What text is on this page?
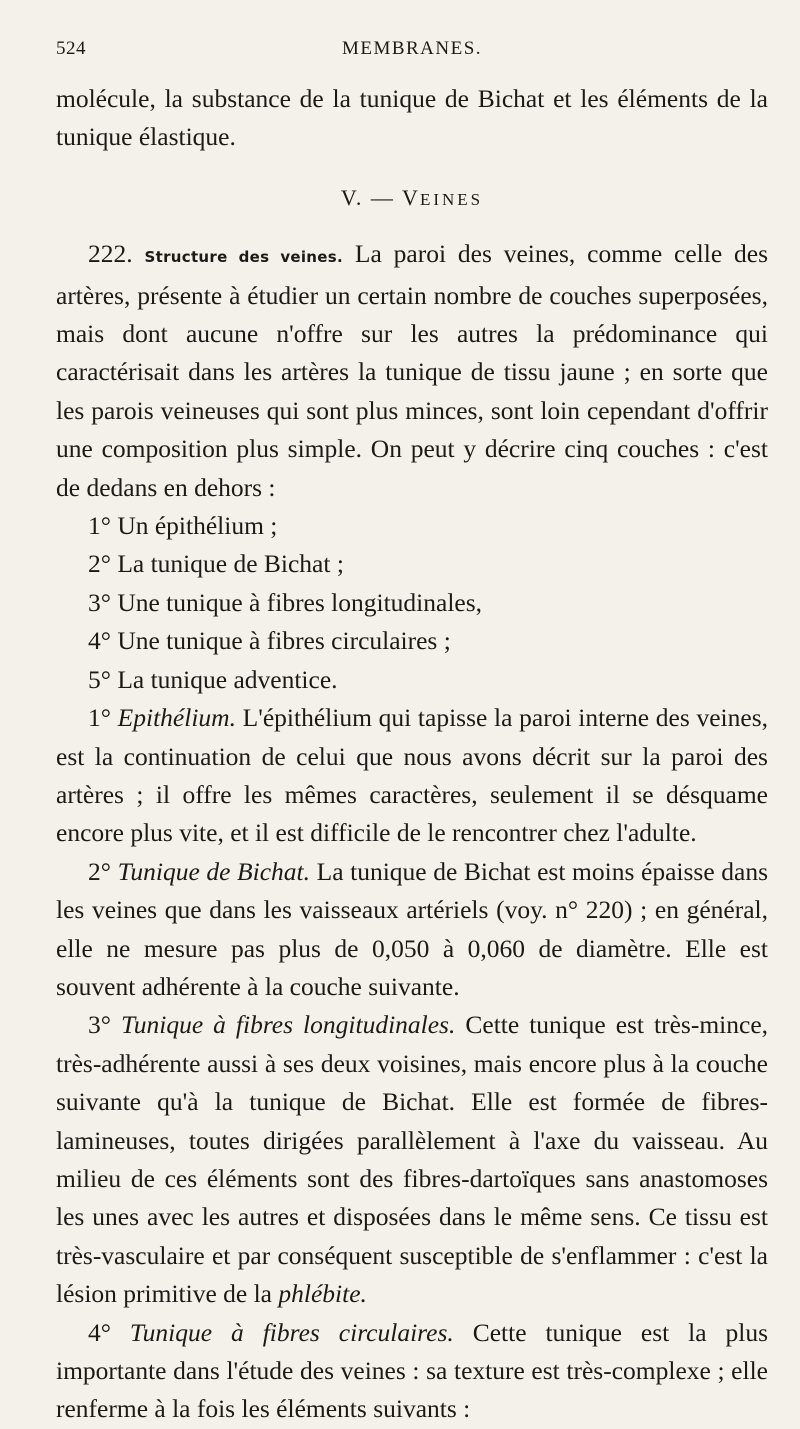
524	MEMBRANES.

molécule, la substance de la tunique de Bichat et les éléments de la tunique élastique.

V. — VEINES

222. Structure des veines. La paroi des veines, comme celle des artères, présente à étudier un certain nombre de couches superposées, mais dont aucune n'offre sur les autres la prédominance qui caractérisait dans les artères la tunique de tissu jaune ; en sorte que les parois veineuses qui sont plus minces, sont loin cependant d'offrir une composition plus simple. On peut y décrire cinq couches : c'est de dedans en dehors :

1° Un épithélium ;

2° La tunique de Bichat ;

3° Une tunique à fibres longitudinales,

4° Une tunique à fibres circulaires ;

5° La tunique adventice.

1° Epithélium. L'épithélium qui tapisse la paroi interne des veines, est la continuation de celui que nous avons décrit sur la paroi des artères ; il offre les mêmes caractères, seulement il se désquame encore plus vite, et il est difficile de le rencontrer chez l'adulte.

2° Tunique de Bichat. La tunique de Bichat est moins épaisse dans les veines que dans les vaisseaux artériels (voy. n° 220) ; en général, elle ne mesure pas plus de 0,050 à 0,060 de diamètre. Elle est souvent adhérente à la couche suivante.

3° Tunique à fibres longitudinales. Cette tunique est très-mince, très-adhérente aussi à ses deux voisines, mais encore plus à la couche suivante qu'à la tunique de Bichat. Elle est formée de fibres-lamineuses, toutes dirigées parallèlement à l'axe du vaisseau. Au milieu de ces éléments sont des fibres-dartoïques sans anastomoses les unes avec les autres et disposées dans le même sens. Ce tissu est très-vasculaire et par conséquent susceptible de s'enflammer : c'est la lésion primitive de la phlébite.

4° Tunique à fibres circulaires. Cette tunique est la plus importante dans l'étude des veines : sa texture est très-complexe ; elle renferme à la fois les éléments suivants :
